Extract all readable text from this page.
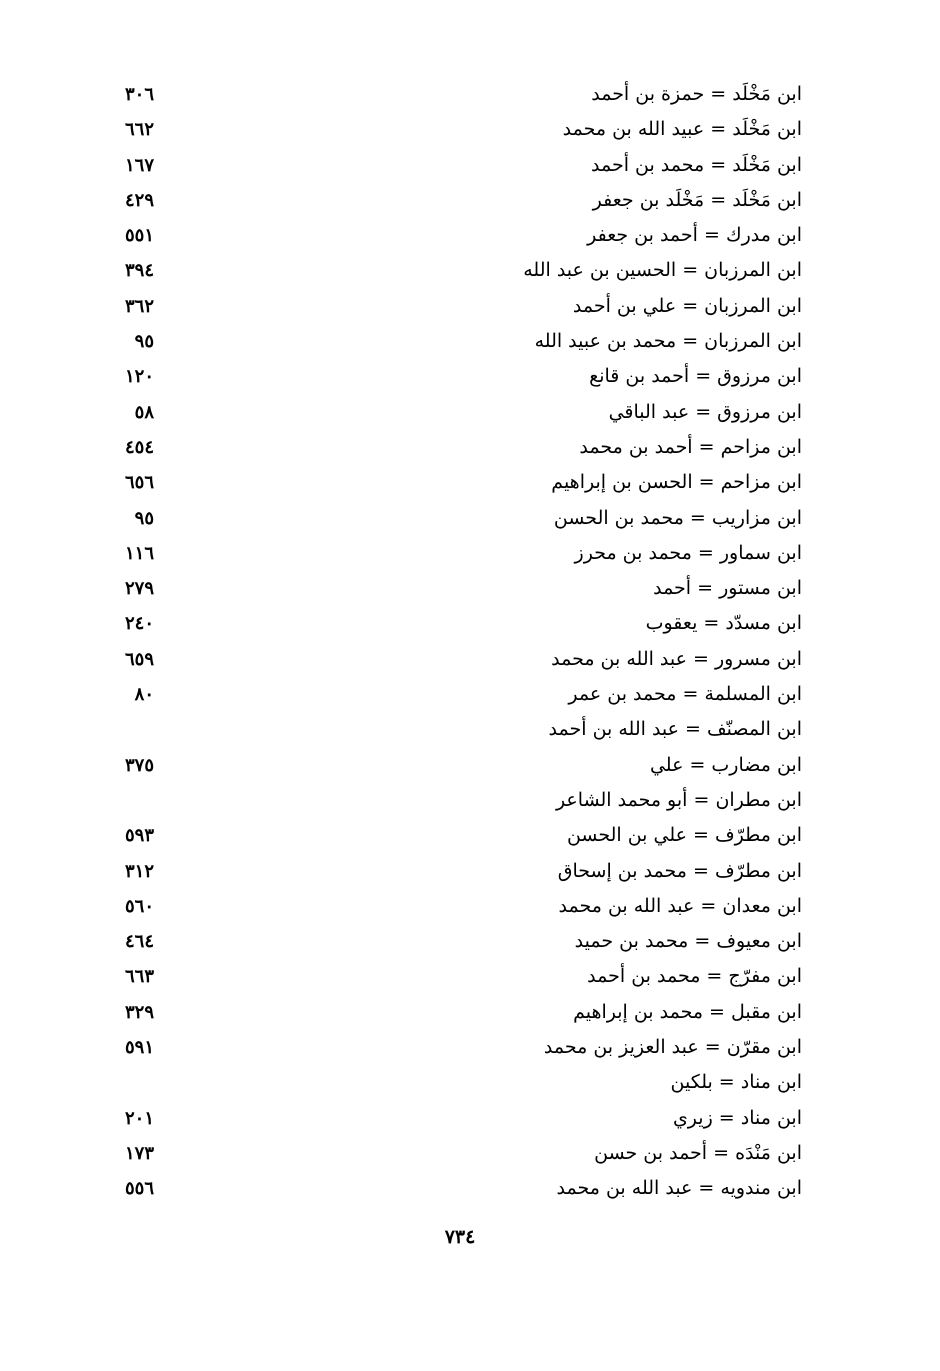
ابن مَخْلَد = حمزة بن أحمد
٣٠٦
ابن مَخْلَد = عبيد الله بن محمد
٦٦٢
ابن مَخْلَد = محمد بن أحمد
١٦٧
ابن مَخْلَد = مَخْلَد بن جعفر
٤٢٩
ابن مدرك = أحمد بن جعفر
٥٥١
ابن المرزبان = الحسين بن عبد الله
٣٩٤
ابن المرزبان = علي بن أحمد
٣٦٢
ابن المرزبان = محمد بن عبيد الله
٩٥
ابن مرزوق = أحمد بن قانع
١٢٠
ابن مرزوق = عبد الباقي
٥٨
ابن مزاحم = أحمد بن محمد
٤٥٤
ابن مزاحم = الحسن بن إبراهيم
٦٥٦
ابن مزاريب = محمد بن الحسن
٩٥
ابن سماور = محمد بن محرز
١١٦
ابن مستور = أحمد
٢٧٩
ابن مسدّد = يعقوب
٢٤٠
ابن مسرور = عبد الله بن محمد
٦٥٩
ابن المسلمة = محمد بن عمر
٨٠
ابن المصنّف = عبد الله بن أحمد
ابن مضارب = علي
٣٧٥
ابن مطران = أبو محمد الشاعر
ابن مطرّف = علي بن الحسن
٥٩٣
ابن مطرّف = محمد بن إسحاق
٣١٢
ابن معدان = عبد الله بن محمد
٥٦٠
ابن معيوف = محمد بن حميد
٤٦٤
ابن مفرّج = محمد بن أحمد
٦٦٣
ابن مقبل = محمد بن إبراهيم
٣٢٩
ابن مقرّن = عبد العزيز بن محمد
٥٩١
ابن مناد = بلكين
ابن مناد = زيري
٢٠١
ابن مَنْدَه = أحمد بن حسن
١٧٣
ابن مندويه = عبد الله بن محمد
٥٥٦
٧٣٤
